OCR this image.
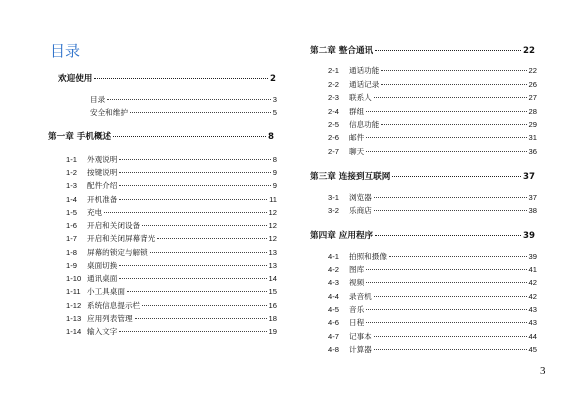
目录
欢迎使用	2
目录	3
安全和维护	5
第一章 手机概述	8
1-1	外观说明	8
1-2	按键说明	9
1-3	配件介绍	9
1-4	开机准备	11
1-5	充电	12
1-6	开启和关闭设备	12
1-7	开启和关闭屏幕背光	12
1-8	屏幕的锁定与解锁	13
1-9	桌面切换	13
1-10 通讯桌面	14
1-11 小工具桌面	15
1-12 系统信息提示栏	16
1-13 应用列表管理	18
1-14 输入文字	19
第二章 整合通讯	22
2-1	通话功能	22
2-2	通话记录	26
2-3	联系人	27
2-4	群组	28
2-5	信息功能	29
2-6	邮件	31
2-7	聊天	36
第三章 连接到互联网	37
3-1	浏览器	37
3-2	乐商店	38
第四章 应用程序	39
4-1	拍照和摄像	39
4-2	图库	41
4-3	视频	42
4-4	录音机	42
4-5	音乐	43
4-6	日程	43
4-7	记事本	44
4-8	计算器	45
3
